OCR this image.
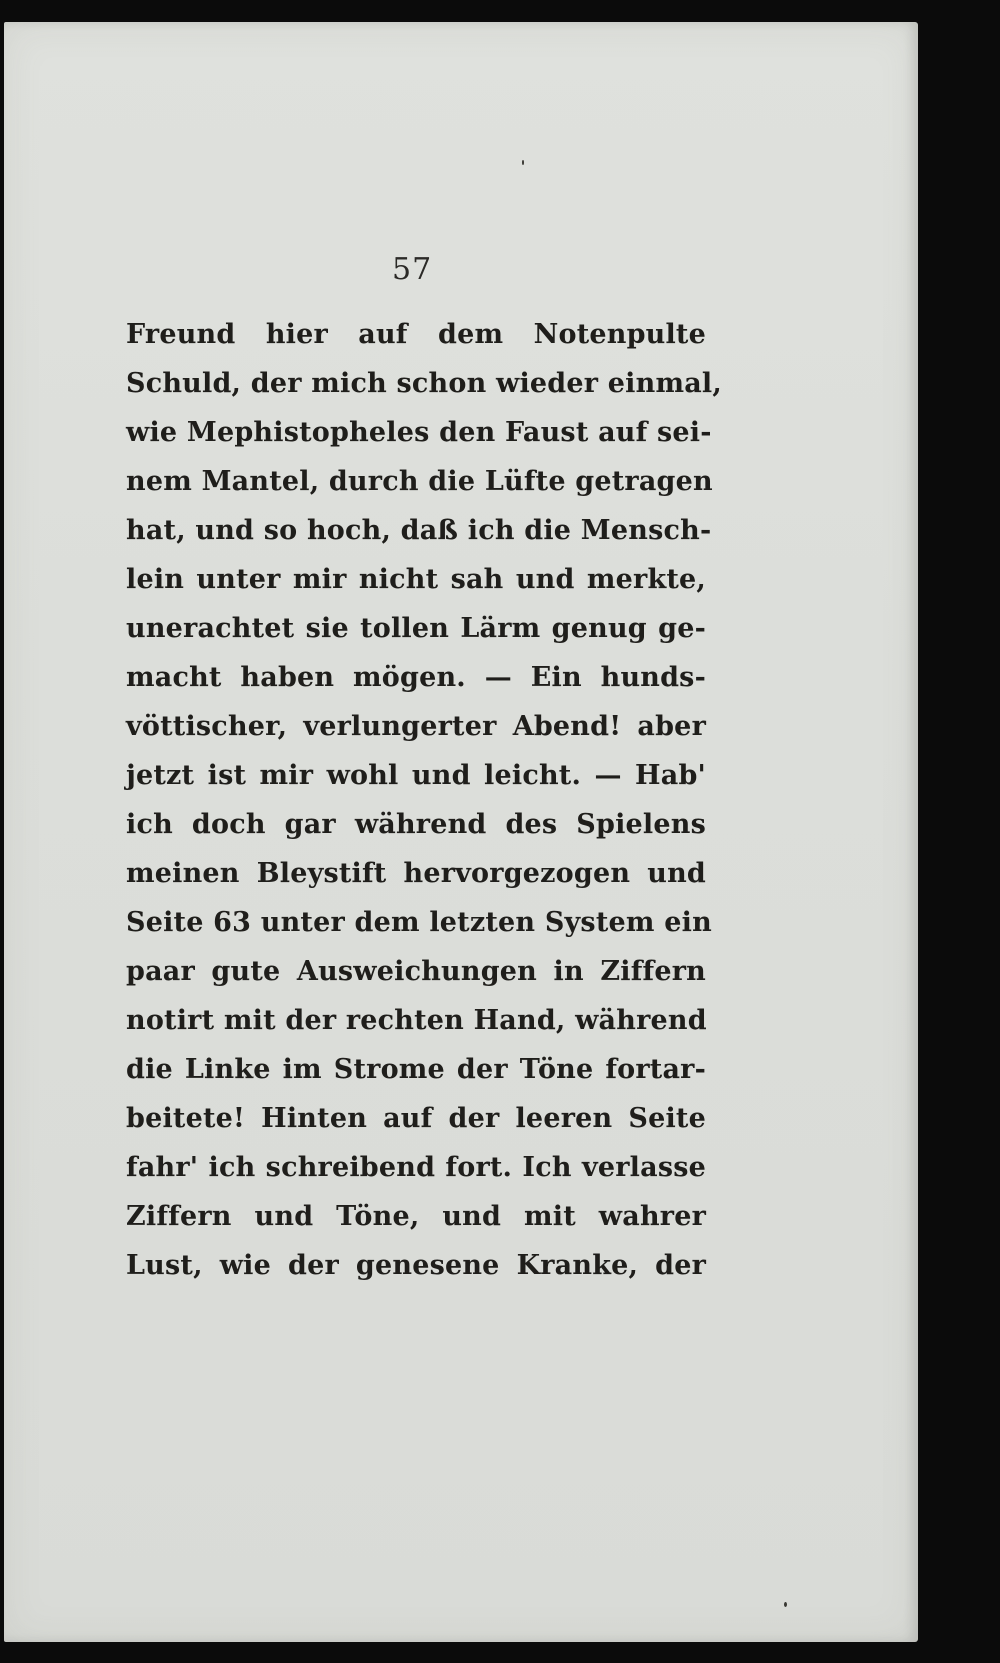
57
Freund hier auf dem Notenpulte
Schuld, der mich schon wieder einmal,
wie Mephistopheles den Faust auf sei-
nem Mantel, durch die Lüfte getragen
hat, und so hoch, daß ich die Mensch-
lein unter mir nicht sah und merkte,
unerachtet sie tollen Lärm genug ge-
macht haben mögen. — Ein hunds-
vöttischer, verlungerter Abend! aber
jetzt ist mir wohl und leicht. — Hab'
ich doch gar während des Spielens
meinen Bleystift hervorgezogen und
Seite 63 unter dem letzten System ein
paar gute Ausweichungen in Ziffern
notirt mit der rechten Hand, während
die Linke im Strome der Töne fortar-
beitete! Hinten auf der leeren Seite
fahr' ich schreibend fort. Ich verlasse
Ziffern und Töne, und mit wahrer
Lust, wie der genesene Kranke, der
